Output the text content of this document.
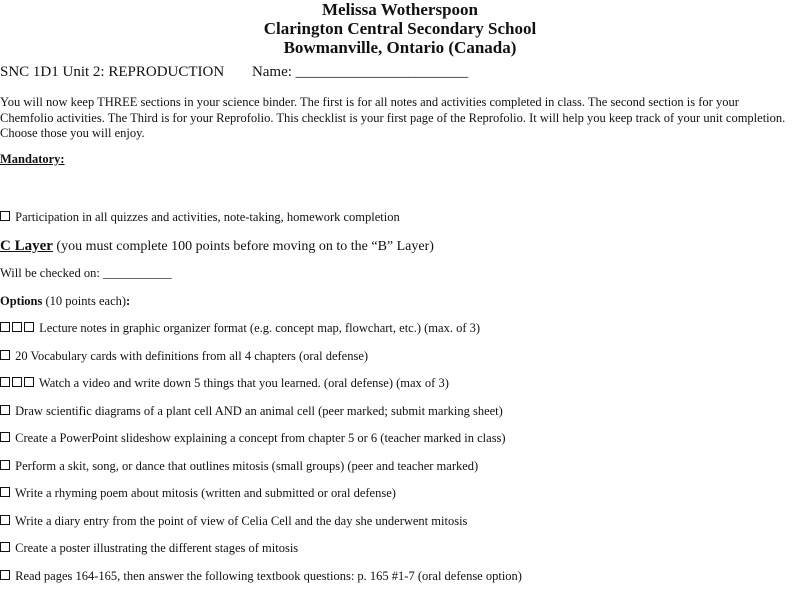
Melissa Wotherspoon
Clarington Central Secondary School
Bowmanville, Ontario (Canada)
SNC 1D1 Unit 2: REPRODUCTION Name: _______________________
You will now keep THREE sections in your science binder. The first is for all notes and activities completed in class. The second section is for your Chemfolio activities. The Third is for your Reprofolio. This checklist is your first page of the Reprofolio. It will help you keep track of your unit completion. Choose those you will enjoy.
Mandatory:
Participation in all quizzes and activities, note-taking, homework completion
C Layer (you must complete 100 points before moving on to the “B” Layer)
Will be checked on: ___________
Options (10 points each):
Lecture notes in graphic organizer format (e.g. concept map, flowchart, etc.) (max. of 3)
20 Vocabulary cards with definitions from all 4 chapters (oral defense)
Watch a video and write down 5 things that you learned. (oral defense) (max of 3)
Draw scientific diagrams of a plant cell AND an animal cell (peer marked; submit marking sheet)
Create a PowerPoint slideshow explaining a concept from chapter 5 or 6 (teacher marked in class)
Perform a skit, song, or dance that outlines mitosis (small groups) (peer and teacher marked)
Write a rhyming poem about mitosis (written and submitted or oral defense)
Write a diary entry from the point of view of Celia Cell and the day she underwent mitosis
Create a poster illustrating the different stages of mitosis
Read pages 164-165, then answer the following textbook questions: p. 165 #1-7 (oral defense option)
